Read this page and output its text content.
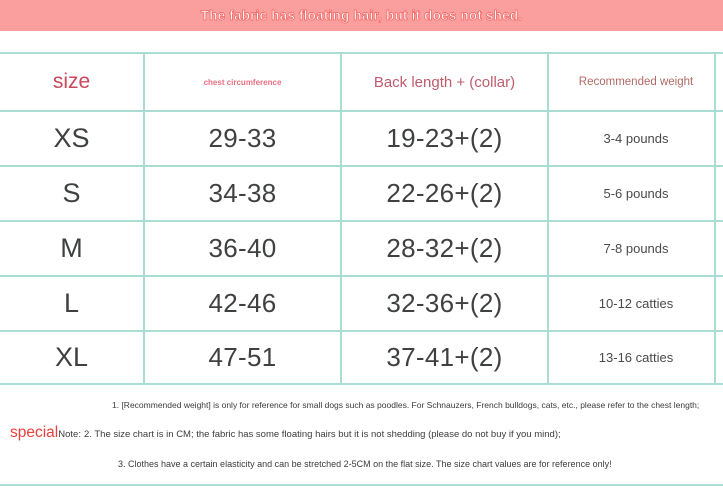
The fabric has floating hair, but it does not shed.
size	chest circumference	Back length + (collar)	Recommended weight
XS	29-33	19-23+(2)	3-4 pounds
S	34-38	22-26+(2)	5-6 pounds
M	36-40	28-32+(2)	7-8 pounds
L	42-46	32-36+(2)	10-12 catties
XL	47-51	37-41+(2)	13-16 catties
1. [Recommended weight] is only for reference for small dogs such as poodles. For Schnauzers, French bulldogs, cats, etc., please refer to the chest length;
special Note: 2. The size chart is in CM; the fabric has some floating hairs but it is not shedding (please do not buy if you mind);
3. Clothes have a certain elasticity and can be stretched 2-5CM on the flat size. The size chart values are for reference only!
